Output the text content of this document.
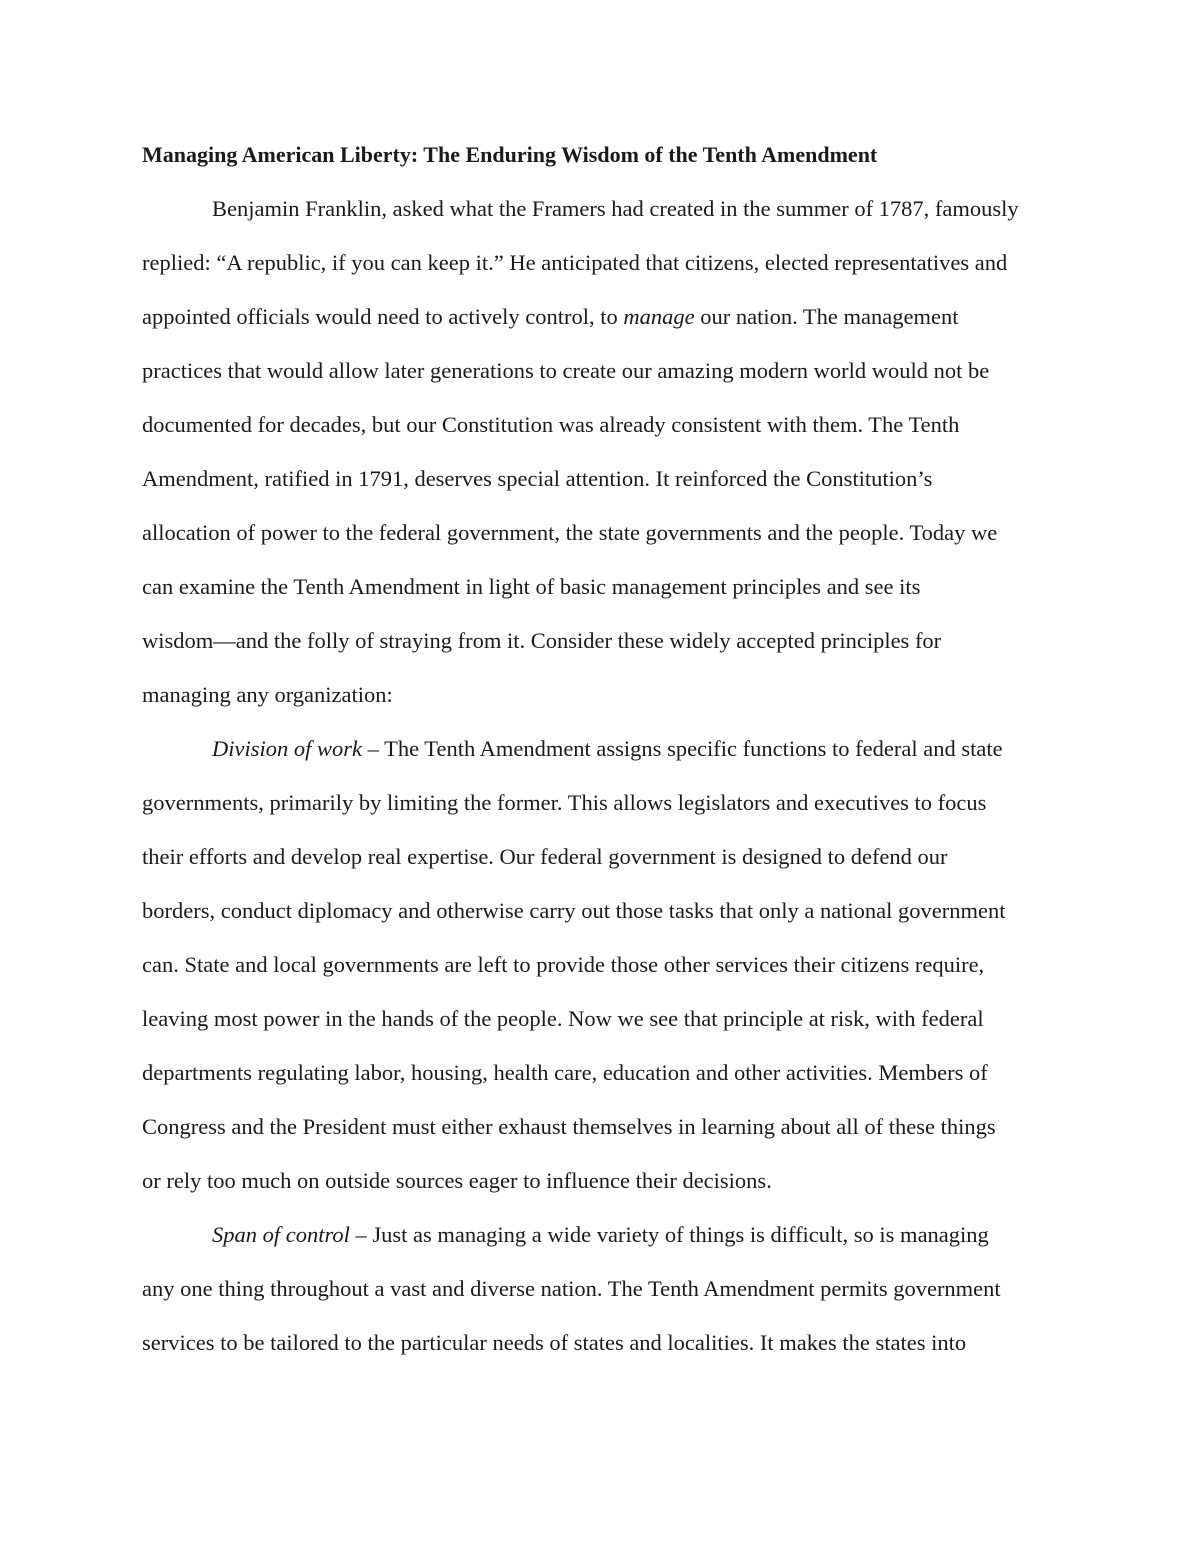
Managing American Liberty: The Enduring Wisdom of the Tenth Amendment

Benjamin Franklin, asked what the Framers had created in the summer of 1787, famously

replied: “A republic, if you can keep it.” He anticipated that citizens, elected representatives and

appointed officials would need to actively control, to manage our nation. The management

practices that would allow later generations to create our amazing modern world would not be

documented for decades, but our Constitution was already consistent with them. The Tenth

Amendment, ratified in 1791, deserves special attention. It reinforced the Constitution’s

allocation of power to the federal government, the state governments and the people. Today we

can examine the Tenth Amendment in light of basic management principles and see its

wisdom—and the folly of straying from it. Consider these widely accepted principles for

managing any organization:

Division of work – The Tenth Amendment assigns specific functions to federal and state

governments, primarily by limiting the former. This allows legislators and executives to focus

their efforts and develop real expertise. Our federal government is designed to defend our

borders, conduct diplomacy and otherwise carry out those tasks that only a national government

can. State and local governments are left to provide those other services their citizens require,

leaving most power in the hands of the people. Now we see that principle at risk, with federal

departments regulating labor, housing, health care, education and other activities. Members of

Congress and the President must either exhaust themselves in learning about all of these things

or rely too much on outside sources eager to influence their decisions.

Span of control – Just as managing a wide variety of things is difficult, so is managing

any one thing throughout a vast and diverse nation. The Tenth Amendment permits government

services to be tailored to the particular needs of states and localities. It makes the states into
